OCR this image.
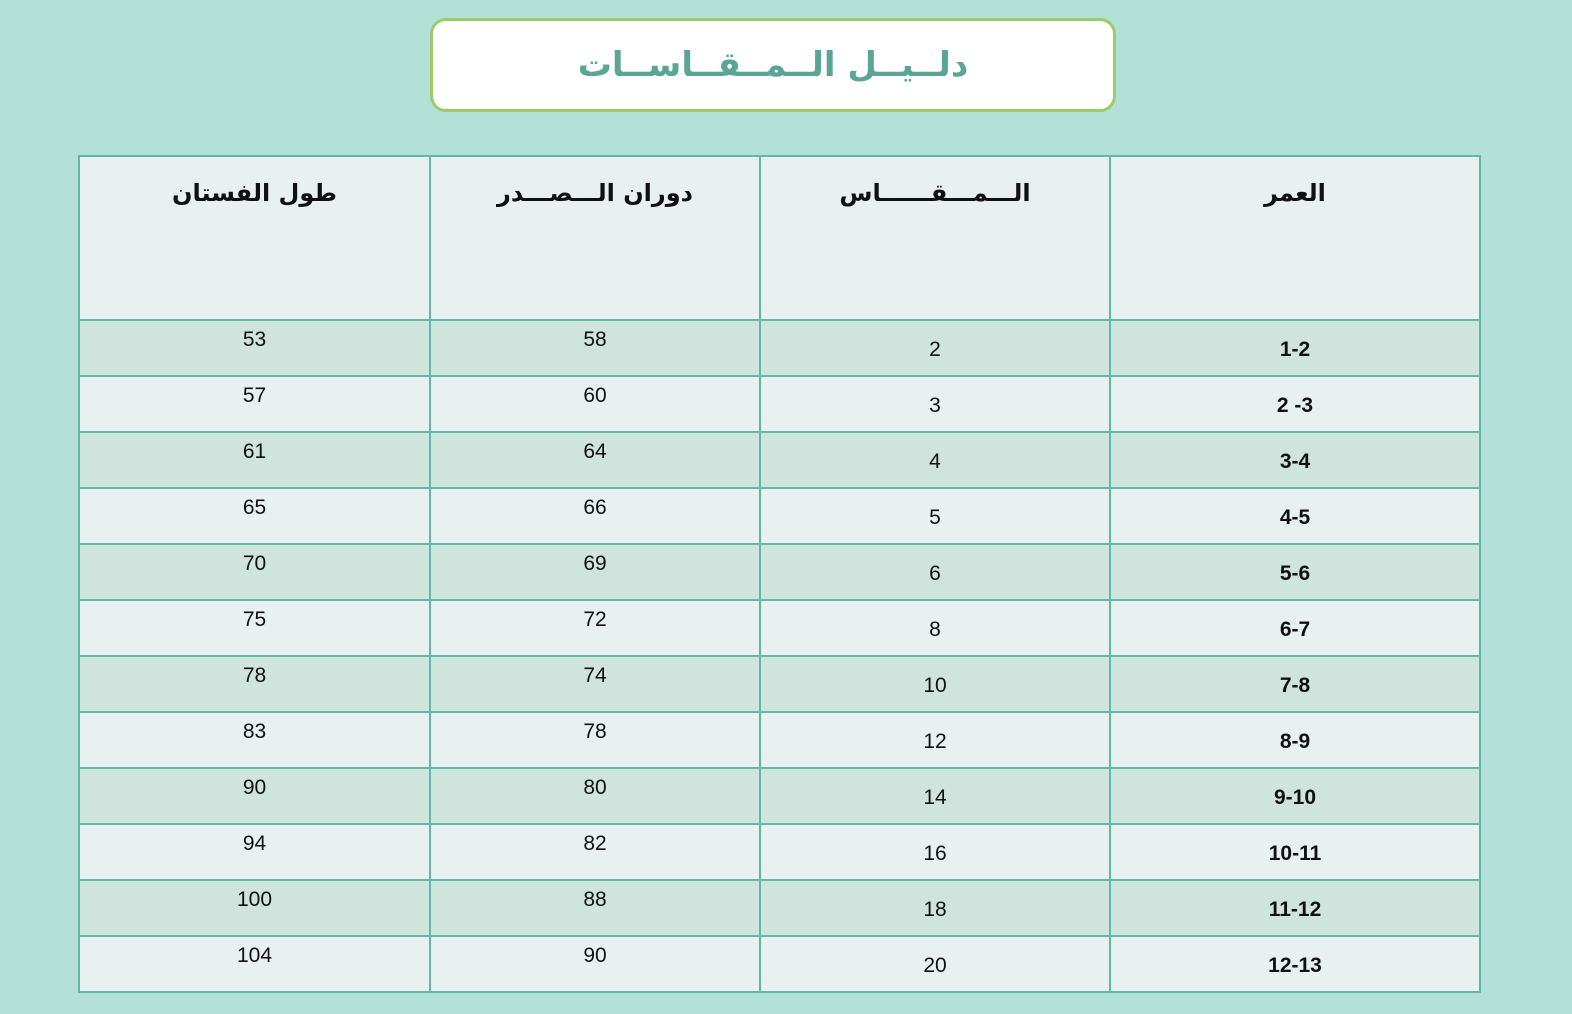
دلــيــل الــمــقــاســات
طول الفستان	دوران الـــصـــدر	الـــمـــقــــــاس	العمر
53	58	2	1-2
57	60	3	2 -3
61	64	4	3-4
65	66	5	4-5
70	69	6	5-6
75	72	8	6-7
78	74	10	7-8
83	78	12	8-9
90	80	14	9-10
94	82	16	10-11
100	88	18	11-12
104	90	20	12-13
